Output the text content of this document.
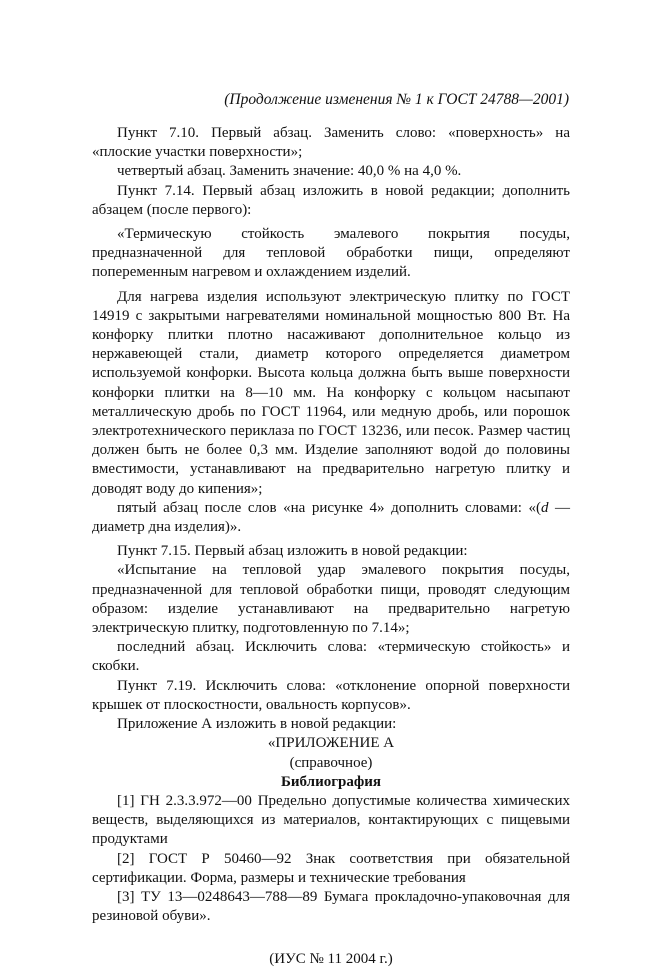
(Продолжение изменения № 1 к ГОСТ 24788—2001)

Пункт 7.10. Первый абзац. Заменить слово: «поверхность» на «плоские участки поверхности»;

четвертый абзац. Заменить значение: 40,0 % на 4,0 %.

Пункт 7.14. Первый абзац изложить в новой редакции; дополнить абзацем (после первого):

«Термическую стойкость эмалевого покрытия посуды, предназначенной для тепловой обработки пищи, определяют попеременным нагревом и охлаждением изделий.

Для нагрева изделия используют электрическую плитку по ГОСТ 14919 с закрытыми нагревателями номинальной мощностью 800 Вт. На конфорку плитки плотно насаживают дополнительное кольцо из нержавеющей стали, диаметр которого определяется диаметром используемой конфорки. Высота кольца должна быть выше поверхности конфорки плитки на 8—10 мм. На конфорку с кольцом насыпают металлическую дробь по ГОСТ 11964, или медную дробь, или порошок электротехнического периклаза по ГОСТ 13236, или песок. Размер частиц должен быть не более 0,3 мм. Изделие заполняют водой до половины вместимости, устанавливают на предварительно нагретую плитку и доводят воду до кипения»;

пятый абзац после слов «на рисунке 4» дополнить словами: «(d — диаметр дна изделия)».

Пункт 7.15. Первый абзац изложить в новой редакции:

«Испытание на тепловой удар эмалевого покрытия посуды, предназначенной для тепловой обработки пищи, проводят следующим образом: изделие устанавливают на предварительно нагретую электрическую плитку, подготовленную по 7.14»;

последний абзац. Исключить слова: «термическую стойкость» и скобки.

Пункт 7.19. Исключить слова: «отклонение опорной поверхности крышек от плоскостности, овальность корпусов».

Приложение А изложить в новой редакции:

«ПРИЛОЖЕНИЕ А

(справочное)

Библиография

[1] ГН 2.3.3.972—00 Предельно допустимые количества химических веществ, выделяющихся из материалов, контактирующих с пищевыми продуктами

[2] ГОСТ Р 50460—92 Знак соответствия при обязательной сертификации. Форма, размеры и технические требования

[3] ТУ 13—0248643—788—89 Бумага прокладочно-упаковочная для резиновой обуви».

(ИУС № 11 2004 г.)
